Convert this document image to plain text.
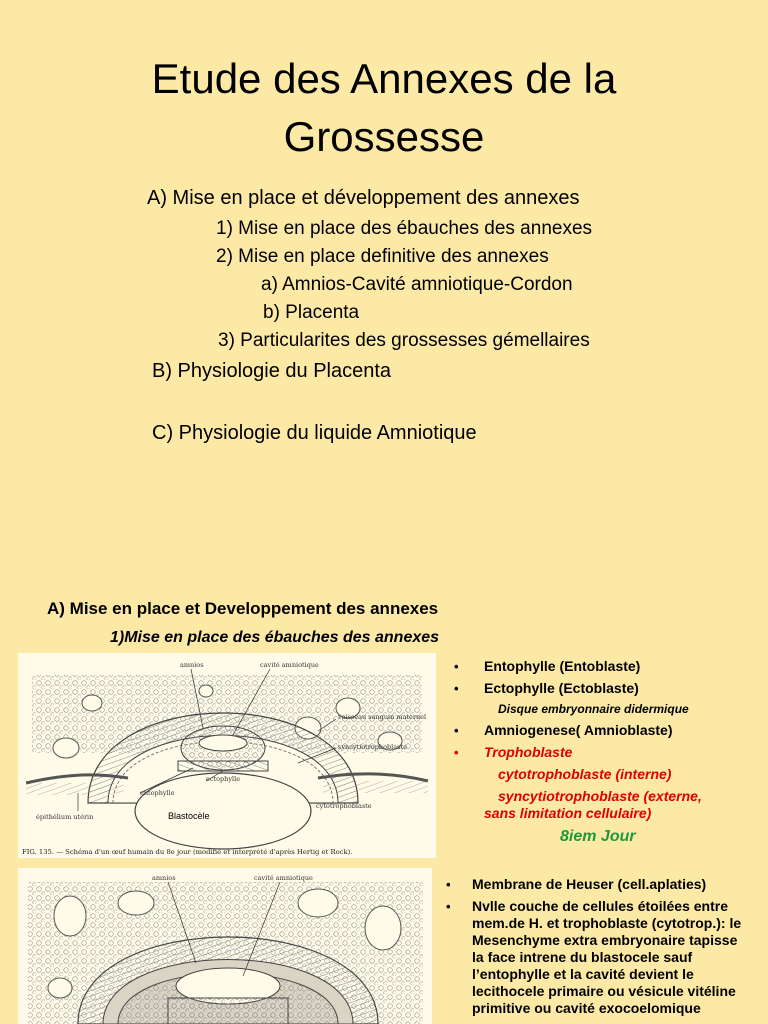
Etude des Annexes de la
Grossesse
A) Mise en place et développement des annexes
1) Mise en place des ébauches des annexes
2) Mise en place definitive des annexes
a) Amnios-Cavité amniotique-Cordon
b) Placenta
3) Particularites des grossesses gémellaires
B) Physiologie du Placenta
C) Physiologie du liquide Amniotique
A) Mise en place et Developpement des annexes
1)Mise en place des ébauches des annexes
amnios	cavité amniotique
vaisseau sanguin maternel
syncytiotrophoblaste
ectophylle
entophylle
cytotrophoblaste
épithélium utérin	Blastocèle
FIG. 135. — Schéma d'un œuf humain du 8e jour (modifié et interprété d'après Hertig et Rock).
• Entophylle (Entoblaste)
• Ectophylle (Ectoblaste)
Disque embryonnaire didermique
• Amniogenese( Amnioblaste)
• Trophoblaste
cytotrophoblaste (interne)
syncytiotrophoblaste (externe,
sans limitation cellulaire)
8iem Jour
amnios	cavité amniotique	• Membrane de Heuser (cell.aplaties)
• Nvlle couche de cellules étoilées entre
mem.de H. et trophoblaste (cytotrop.): le
Mesenchyme extra embryonaire tapisse
la face intrene du blastocele sauf
l’entophylle et la cavité devient le
lecithocele primaire ou vésicule vitéline
primitive ou cavité exocoelomique
